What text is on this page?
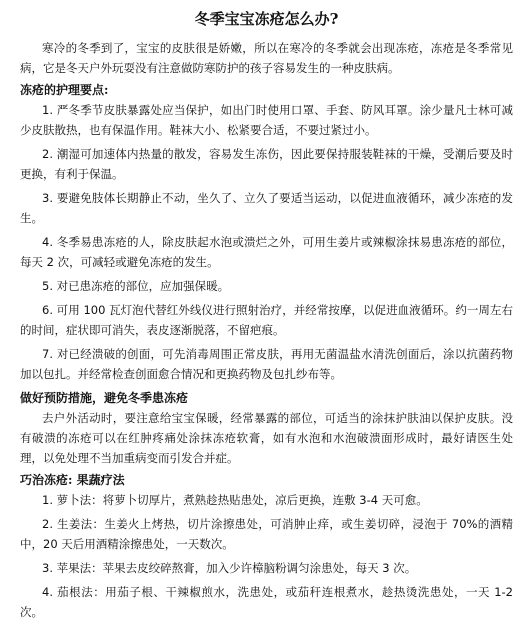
冬季宝宝冻疮怎么办?

寒冷的冬季到了，宝宝的皮肤很是娇嫩，所以在寒冷的冬季就会出现冻疮，冻疮是冬季常见病，它是冬天户外玩耍没有注意做防寒防护的孩子容易发生的一种皮肤病。

冻疮的护理要点:

1. 严冬季节皮肤暴露处应当保护，如出门时使用口罩、手套、防风耳罩。涂少量凡士林可减少皮肤散热，也有保温作用。鞋袜大小、松紧要合适，不要过紧过小。

2. 潮湿可加速体内热量的散发，容易发生冻伤，因此要保持服装鞋袜的干燥，受潮后要及时更换，有利于保温。

3. 要避免肢体长期静止不动，坐久了、立久了要适当运动，以促进血液循环，减少冻疮的发生。

4. 冬季易患冻疮的人，除皮肤起水泡或溃烂之外，可用生姜片或辣椒涂抹易患冻疮的部位，每天 2 次，可减轻或避免冻疮的发生。

5. 对已患冻疮的部位，应加强保暖。

6. 可用 100 瓦灯泡代替红外线仪进行照射治疗，并经常按摩，以促进血液循环。约一周左右的时间，症状即可消失，表皮逐渐脱落，不留疤痕。

7. 对已经溃破的创面，可先消毒周围正常皮肤，再用无菌温盐水清洗创面后，涂以抗菌药物加以包扎。并经常检查创面愈合情况和更换药物及包扎纱布等。

做好预防措施，避免冬季患冻疮

去户外活动时，要注意给宝宝保暖，经常暴露的部位，可适当的涂抹护肤油以保护皮肤。没有破溃的冻疮可以在红肿疼痛处涂抹冻疮软膏，如有水泡和水泡破溃面形成时，最好请医生处理，以免处理不当加重病变而引发合并症。

巧治冻疮: 果蔬疗法

1. 萝卜法：将萝卜切厚片，煮熟趁热贴患处，凉后更换，连敷 3-4 天可愈。

2. 生姜法：生姜火上烤热，切片涂擦患处，可消肿止痒，或生姜切碎，浸泡于 70%的酒精中，20 天后用酒精涂擦患处，一天数次。

3. 苹果法：苹果去皮绞碎熬膏，加入少许樟脑粉调匀涂患处，每天 3 次。

4. 茄根法：用茄子根、干辣椒煎水，洗患处，或茄秆连根煮水，趁热烫洗患处，一天 1-2 次。
